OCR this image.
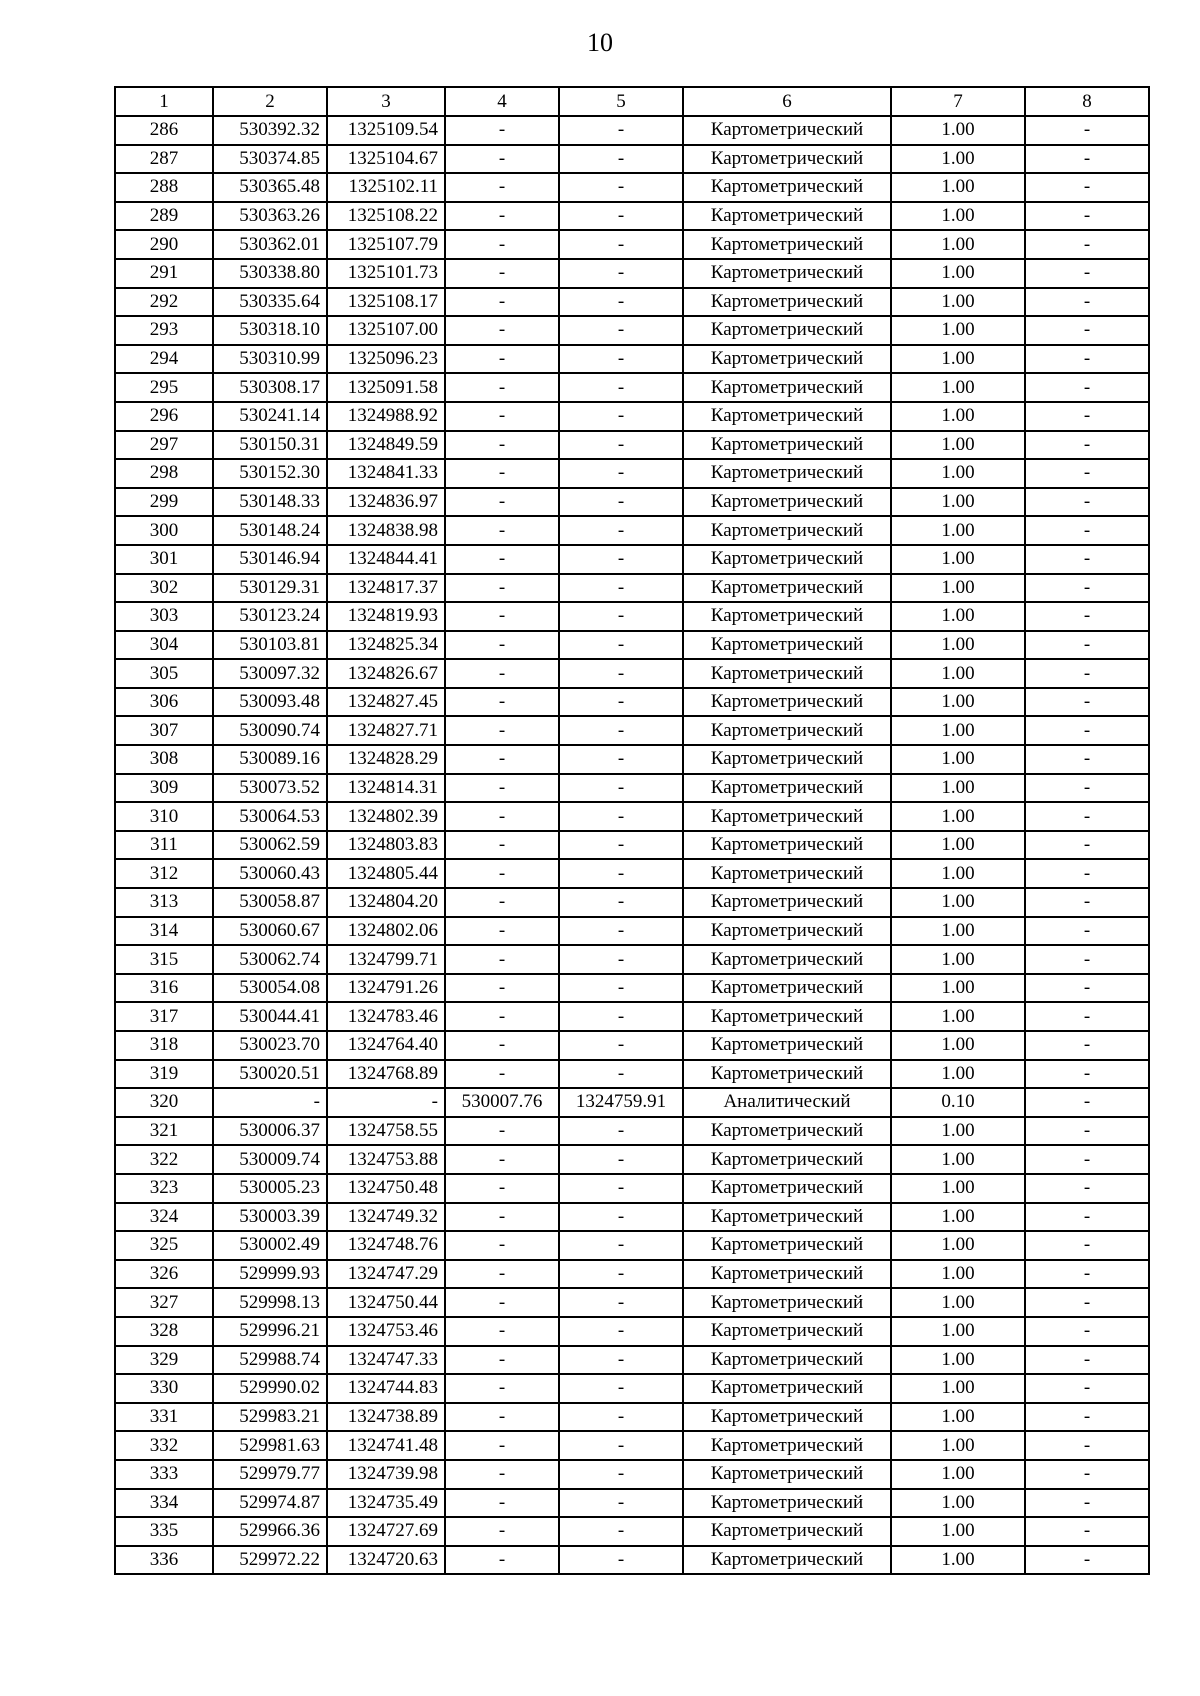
10
1	2	3	4	5	6	7	8
286	530392.32	1325109.54	-	-	Картометрический	1.00	-
287	530374.85	1325104.67	-	-	Картометрический	1.00	-
288	530365.48	1325102.11	-	-	Картометрический	1.00	-
289	530363.26	1325108.22	-	-	Картометрический	1.00	-
290	530362.01	1325107.79	-	-	Картометрический	1.00	-
291	530338.80	1325101.73	-	-	Картометрический	1.00	-
292	530335.64	1325108.17	-	-	Картометрический	1.00	-
293	530318.10	1325107.00	-	-	Картометрический	1.00	-
294	530310.99	1325096.23	-	-	Картометрический	1.00	-
295	530308.17	1325091.58	-	-	Картометрический	1.00	-
296	530241.14	1324988.92	-	-	Картометрический	1.00	-
297	530150.31	1324849.59	-	-	Картометрический	1.00	-
298	530152.30	1324841.33	-	-	Картометрический	1.00	-
299	530148.33	1324836.97	-	-	Картометрический	1.00	-
300	530148.24	1324838.98	-	-	Картометрический	1.00	-
301	530146.94	1324844.41	-	-	Картометрический	1.00	-
302	530129.31	1324817.37	-	-	Картометрический	1.00	-
303	530123.24	1324819.93	-	-	Картометрический	1.00	-
304	530103.81	1324825.34	-	-	Картометрический	1.00	-
305	530097.32	1324826.67	-	-	Картометрический	1.00	-
306	530093.48	1324827.45	-	-	Картометрический	1.00	-
307	530090.74	1324827.71	-	-	Картометрический	1.00	-
308	530089.16	1324828.29	-	-	Картометрический	1.00	-
309	530073.52	1324814.31	-	-	Картометрический	1.00	-
310	530064.53	1324802.39	-	-	Картометрический	1.00	-
311	530062.59	1324803.83	-	-	Картометрический	1.00	-
312	530060.43	1324805.44	-	-	Картометрический	1.00	-
313	530058.87	1324804.20	-	-	Картометрический	1.00	-
314	530060.67	1324802.06	-	-	Картометрический	1.00	-
315	530062.74	1324799.71	-	-	Картометрический	1.00	-
316	530054.08	1324791.26	-	-	Картометрический	1.00	-
317	530044.41	1324783.46	-	-	Картометрический	1.00	-
318	530023.70	1324764.40	-	-	Картометрический	1.00	-
319	530020.51	1324768.89	-	-	Картометрический	1.00	-
320	-	-	530007.76	1324759.91	Аналитический	0.10	-
321	530006.37	1324758.55	-	-	Картометрический	1.00	-
322	530009.74	1324753.88	-	-	Картометрический	1.00	-
323	530005.23	1324750.48	-	-	Картометрический	1.00	-
324	530003.39	1324749.32	-	-	Картометрический	1.00	-
325	530002.49	1324748.76	-	-	Картометрический	1.00	-
326	529999.93	1324747.29	-	-	Картометрический	1.00	-
327	529998.13	1324750.44	-	-	Картометрический	1.00	-
328	529996.21	1324753.46	-	-	Картометрический	1.00	-
329	529988.74	1324747.33	-	-	Картометрический	1.00	-
330	529990.02	1324744.83	-	-	Картометрический	1.00	-
331	529983.21	1324738.89	-	-	Картометрический	1.00	-
332	529981.63	1324741.48	-	-	Картометрический	1.00	-
333	529979.77	1324739.98	-	-	Картометрический	1.00	-
334	529974.87	1324735.49	-	-	Картометрический	1.00	-
335	529966.36	1324727.69	-	-	Картометрический	1.00	-
336	529972.22	1324720.63	-	-	Картометрический	1.00	-
